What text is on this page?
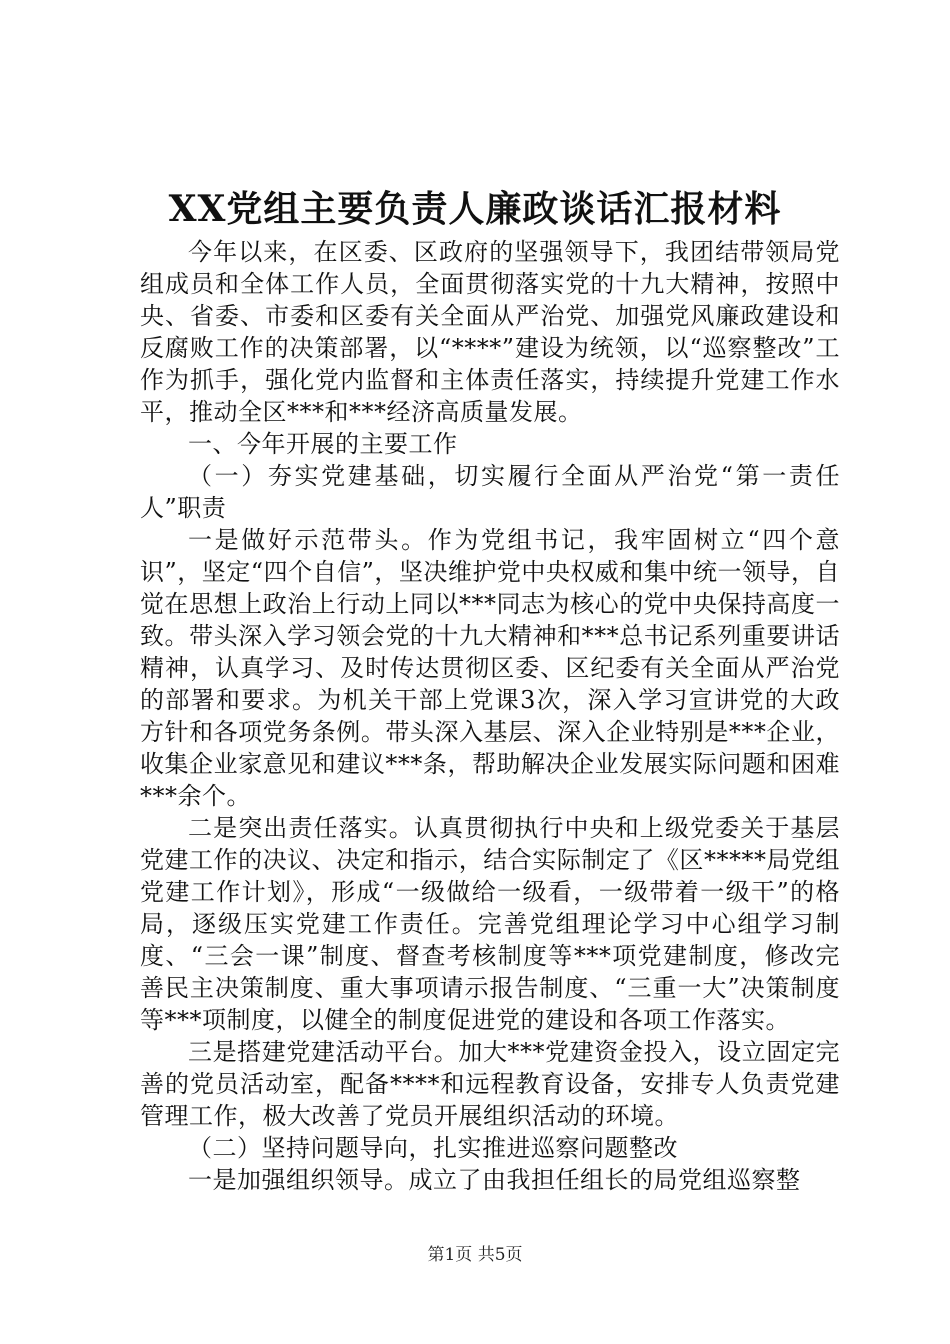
XX党组主要负责人廉政谈话汇报材料

今年以来，在区委、区政府的坚强领导下，我团结带领局党组成员和全体工作人员，全面贯彻落实党的十九大精神，按照中央、省委、市委和区委有关全面从严治党、加强党风廉政建设和反腐败工作的决策部署，以“****”建设为统领，以“巡察整改”工作为抓手，强化党内监督和主体责任落实，持续提升党建工作水平，推动全区***和***经济高质量发展。

一、今年开展的主要工作

（一）夯实党建基础，切实履行全面从严治党“第一责任人”职责

一是做好示范带头。作为党组书记，我牢固树立“四个意识”，坚定“四个自信”，坚决维护党中央权威和集中统一领导，自觉在思想上政治上行动上同以***同志为核心的党中央保持高度一致。带头深入学习领会党的十九大精神和***总书记系列重要讲话精神，认真学习、及时传达贯彻区委、区纪委有关全面从严治党的部署和要求。为机关干部上党课3次，深入学习宣讲党的大政方针和各项党务条例。带头深入基层、深入企业特别是***企业，收集企业家意见和建议***条，帮助解决企业发展实际问题和困难***余个。

二是突出责任落实。认真贯彻执行中央和上级党委关于基层党建工作的决议、决定和指示，结合实际制定了《区*****局党组党建工作计划》，形成“一级做给一级看，一级带着一级干”的格局，逐级压实党建工作责任。完善党组理论学习中心组学习制度、“三会一课”制度、督查考核制度等***项党建制度，修改完善民主决策制度、重大事项请示报告制度、“三重一大”决策制度等***项制度，以健全的制度促进党的建设和各项工作落实。

三是搭建党建活动平台。加大***党建资金投入，设立固定完善的党员活动室，配备****和远程教育设备，安排专人负责党建管理工作，极大改善了党员开展组织活动的环境。

（二）坚持问题导向，扎实推进巡察问题整改

一是加强组织领导。成立了由我担任组长的局党组巡察整

第1页 共5页
